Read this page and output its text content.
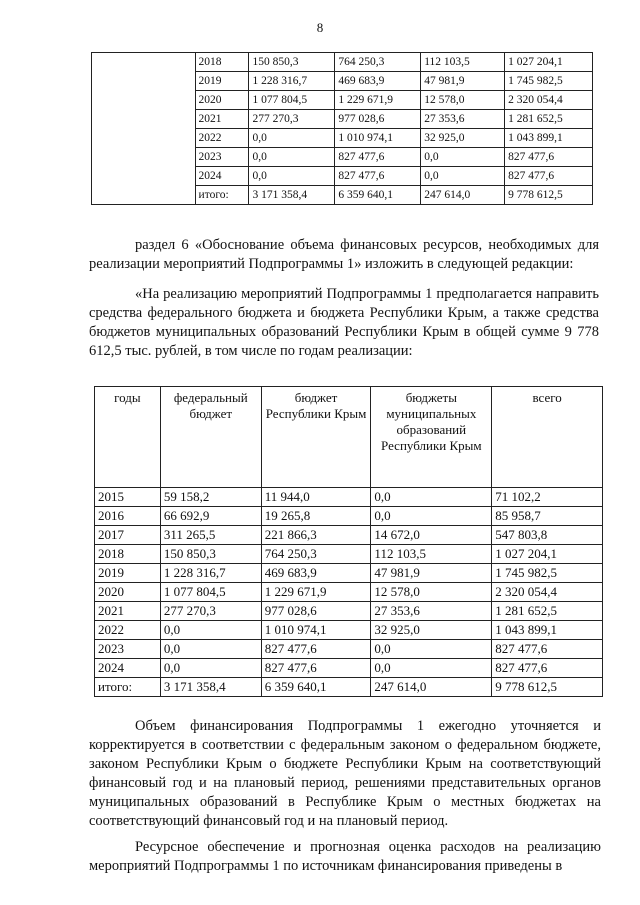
8
	2018	150 850,3	764 250,3	112 103,5	1 027 204,1
	2019	1 228 316,7	469 683,9	47 981,9	1 745 982,5
	2020	1 077 804,5	1 229 671,9	12 578,0	2 320 054,4
	2021	277 270,3	977 028,6	27 353,6	1 281 652,5
	2022	0,0	1 010 974,1	32 925,0	1 043 899,1
	2023	0,0	827 477,6	0,0	827 477,6
	2024	0,0	827 477,6	0,0	827 477,6
	итого:	3 171 358,4	6 359 640,1	247 614,0	9 778 612,5
раздел 6 «Обоснование объема финансовых ресурсов, необходимых для реализации мероприятий Подпрограммы 1» изложить в следующей редакции:
«На реализацию мероприятий Подпрограммы 1 предполагается направить средства федерального бюджета и бюджета Республики Крым, а также средства бюджетов муниципальных образований Республики Крым в общей сумме 9 778 612,5 тыс. рублей, в том числе по годам реализации:
годы	федеральный бюджет	бюджет Республики Крым	бюджеты муниципальных образований Республики Крым	всего
2015	59 158,2	11 944,0	0,0	71 102,2
2016	66 692,9	19 265,8	0,0	85 958,7
2017	311 265,5	221 866,3	14 672,0	547 803,8
2018	150 850,3	764 250,3	112 103,5	1 027 204,1
2019	1 228 316,7	469 683,9	47 981,9	1 745 982,5
2020	1 077 804,5	1 229 671,9	12 578,0	2 320 054,4
2021	277 270,3	977 028,6	27 353,6	1 281 652,5
2022	0,0	1 010 974,1	32 925,0	1 043 899,1
2023	0,0	827 477,6	0,0	827 477,6
2024	0,0	827 477,6	0,0	827 477,6
итого:	3 171 358,4	6 359 640,1	247 614,0	9 778 612,5
Объем финансирования Подпрограммы 1 ежегодно уточняется и корректируется в соответствии с федеральным законом о федеральном бюджете, законом Республики Крым о бюджете Республики Крым на соответствующий финансовый год и на плановый период, решениями представительных органов муниципальных образований в Республике Крым о местных бюджетах на соответствующий финансовый год и на плановый период.
Ресурсное обеспечение и прогнозная оценка расходов на реализацию мероприятий Подпрограммы 1 по источникам финансирования приведены в
